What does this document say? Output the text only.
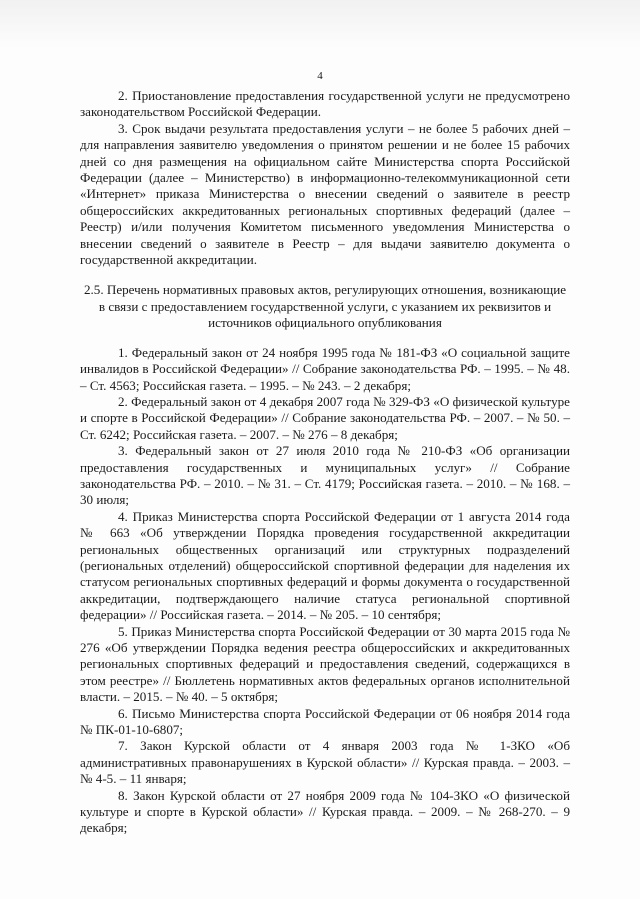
4

2. Приостановление предоставления государственной услуги не предусмотрено законодательством Российской Федерации.

3. Срок выдачи результата предоставления услуги – не более 5 рабочих дней – для направления заявителю уведомления о принятом решении и не более 15 рабочих дней со дня размещения на официальном сайте Министерства спорта Российской Федерации (далее – Министерство) в информационно-телекоммуникационной сети «Интернет» приказа Министерства о внесении сведений о заявителе в реестр общероссийских аккредитованных региональных спортивных федераций (далее – Реестр) и/или получения Комитетом письменного уведомления Министерства о внесении сведений о заявителе в Реестр – для выдачи заявителю документа о государственной аккредитации.

2.5. Перечень нормативных правовых актов, регулирующих отношения, возникающие в связи с предоставлением государственной услуги, с указанием их реквизитов и источников официального опубликования

1. Федеральный закон от 24 ноября 1995 года № 181-ФЗ «О социальной защите инвалидов в Российской Федерации» // Собрание законодательства РФ. – 1995. – № 48. – Ст. 4563; Российская газета. – 1995. – № 243. – 2 декабря;

2. Федеральный закон от 4 декабря 2007 года № 329-ФЗ «О физической культуре и спорте в Российской Федерации» // Собрание законодательства РФ. – 2007. – № 50. – Ст. 6242; Российская газета. – 2007. – № 276 – 8 декабря;

3. Федеральный закон от 27 июля 2010 года № 210-ФЗ «Об организации предоставления государственных и муниципальных услуг» // Собрание законодательства РФ. – 2010. – № 31. – Ст. 4179; Российская газета. – 2010. – № 168. – 30 июля;

4. Приказ Министерства спорта Российской Федерации от 1 августа 2014 года № 663 «Об утверждении Порядка проведения государственной аккредитации региональных общественных организаций или структурных подразделений (региональных отделений) общероссийской спортивной федерации для наделения их статусом региональных спортивных федераций и формы документа о государственной аккредитации, подтверждающего наличие статуса региональной спортивной федерации» // Российская газета. – 2014. – № 205. – 10 сентября;

5. Приказ Министерства спорта Российской Федерации от 30 марта 2015 года № 276 «Об утверждении Порядка ведения реестра общероссийских и аккредитованных региональных спортивных федераций и предоставления сведений, содержащихся в этом реестре» // Бюллетень нормативных актов федеральных органов исполнительной власти. – 2015. – № 40. – 5 октября;

6. Письмо Министерства спорта Российской Федерации от 06 ноября 2014 года № ПК-01-10-6807;

7. Закон Курской области от 4 января 2003 года № 1-ЗКО «Об административных правонарушениях в Курской области» // Курская правда. – 2003. – № 4-5. – 11 января;

8. Закон Курской области от 27 ноября 2009 года № 104-ЗКО «О физической культуре и спорте в Курской области» // Курская правда. – 2009. – № 268-270. – 9 декабря;
